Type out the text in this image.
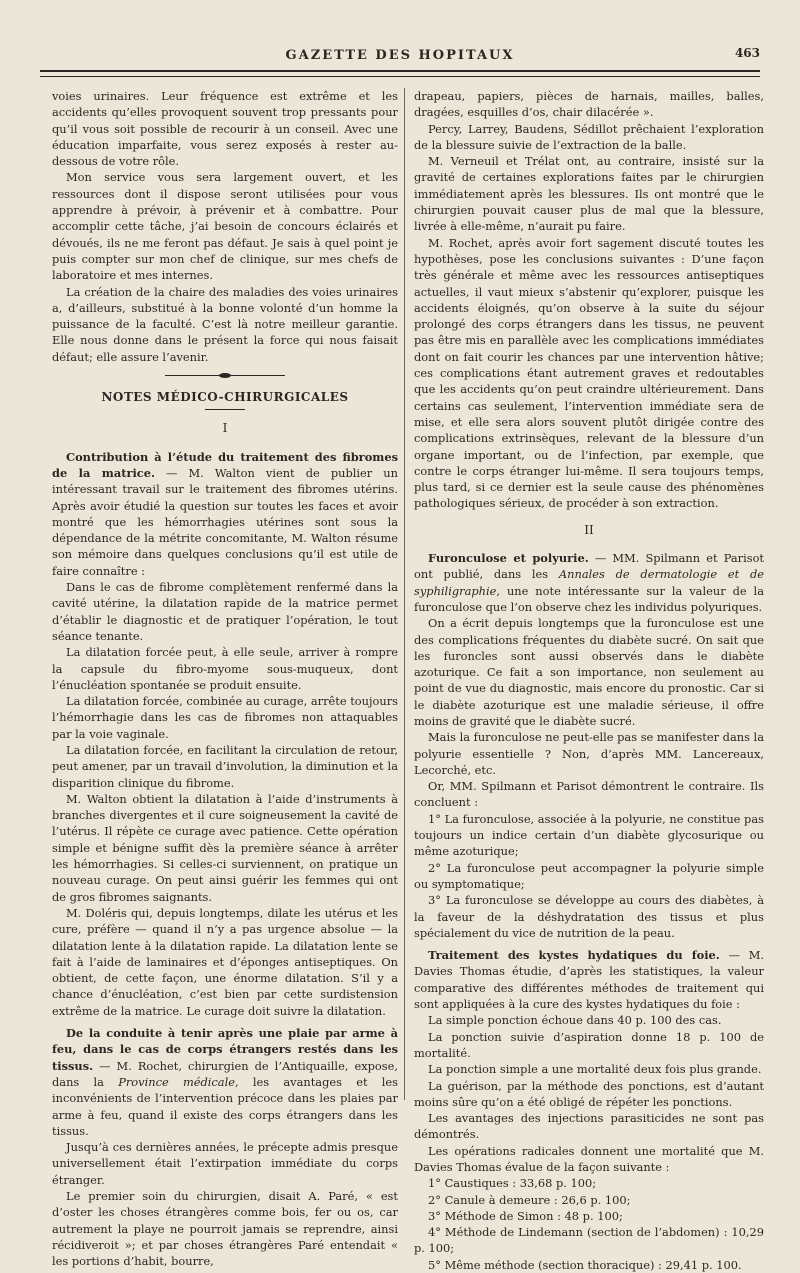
GAZETTE DES HOPITAUX	463

voies urinaires. Leur fréquence est extrême et les accidents qu’elles provoquent souvent trop pressants pour qu’il vous soit possible de recourir à un conseil. Avec une éducation imparfaite, vous serez exposés à rester au-dessous de votre rôle.

Mon service vous sera largement ouvert, et les ressources dont il dispose seront utilisées pour vous apprendre à prévoir, à prévenir et à combattre. Pour accomplir cette tâche, j’ai besoin de concours éclairés et dévoués, ils ne me feront pas défaut. Je sais à quel point je puis compter sur mon chef de clinique, sur mes chefs de laboratoire et mes internes.

La création de la chaire des maladies des voies urinaires a, d’ailleurs, substitué à la bonne volonté d’un homme la puissance de la faculté. C’est là notre meilleur garantie. Elle nous donne dans le présent la force qui nous faisait défaut; elle assure l’avenir.

NOTES MÉDICO-CHIRURGICALES
I

Contribution à l’étude du traitement des fibromes de la matrice. — M. Walton vient de publier un intéressant travail sur le traitement des fibromes utérins. Après avoir étudié la question sur toutes les faces et avoir montré que les hémorrhagies utérines sont sous la dépendance de la métrite concomitante, M. Walton résume son mémoire dans quelques conclusions qu’il est utile de faire connaître :

Dans le cas de fibrome complètement renfermé dans la cavité utérine, la dilatation rapide de la matrice permet d’établir le diagnostic et de pratiquer l’opération, le tout séance tenante.

La dilatation forcée peut, à elle seule, arriver à rompre la capsule du fibro-myome sous-muqueux, dont l’énucléation spontanée se produit ensuite.

La dilatation forcée, combinée au curage, arrête toujours l’hémorrhagie dans les cas de fibromes non attaquables par la voie vaginale.

La dilatation forcée, en facilitant la circulation de retour, peut amener, par un travail d’involution, la diminution et la disparition clinique du fibrome.

M. Walton obtient la dilatation à l’aide d’instruments à branches divergentes et il cure soigneusement la cavité de l’utérus. Il répète ce curage avec patience. Cette opération simple et bénigne suffit dès la première séance à arrêter les hémorrhagies. Si celles-ci surviennent, on pratique un nouveau curage. On peut ainsi guérir les femmes qui ont de gros fibromes saignants.

M. Doléris qui, depuis longtemps, dilate les utérus et les cure, préfère — quand il n’y a pas urgence absolue — la dilatation lente à la dilatation rapide. La dilatation lente se fait à l’aide de laminaires et d’éponges antiseptiques. On obtient, de cette façon, une énorme dilatation. S’il y a chance d’énucléation, c’est bien par cette surdistension extrême de la matrice. Le curage doit suivre la dilatation.

De la conduite à tenir après une plaie par arme à feu, dans le cas de corps étrangers restés dans les tissus. — M. Rochet, chirurgien de l’Antiquaille, expose, dans la Province médicale, les avantages et les inconvénients de l’intervention précoce dans les plaies par arme à feu, quand il existe des corps étrangers dans les tissus.

Jusqu’à ces dernières années, le précepte admis presque universellement était l’extirpation immédiate du corps étranger.

Le premier soin du chirurgien, disait A. Paré, « est d’oster les choses étrangères comme bois, fer ou os, car autrement la playe ne pourroit jamais se reprendre, ainsi récidiveroit »; et par choses étrangères Paré entendait « les portions d’habit, bourre,

drapeau, papiers, pièces de harnais, mailles, balles, dragées, esquilles d’os, chair dilacérée ».

Percy, Larrey, Baudens, Sédillot prêchaient l’exploration de la blessure suivie de l’extraction de la balle.

M. Verneuil et Trélat ont, au contraire, insisté sur la gravité de certaines explorations faites par le chirurgien immédiatement après les blessures. Ils ont montré que le chirurgien pouvait causer plus de mal que la blessure, livrée à elle-même, n’aurait pu faire.

M. Rochet, après avoir fort sagement discuté toutes les hypothèses, pose les conclusions suivantes : D’une façon très générale et même avec les ressources antiseptiques actuelles, il vaut mieux s’abstenir qu’explorer, puisque les accidents éloignés, qu’on observe à la suite du séjour prolongé des corps étrangers dans les tissus, ne peuvent pas être mis en parallèle avec les complications immédiates dont on fait courir les chances par une intervention hâtive; ces complications étant autrement graves et redoutables que les accidents qu’on peut craindre ultérieurement. Dans certains cas seulement, l’intervention immédiate sera de mise, et elle sera alors souvent plutôt dirigée contre des complications extrinsèques, relevant de la blessure d’un organe important, ou de l’infection, par exemple, que contre le corps étranger lui-même. Il sera toujours temps, plus tard, si ce dernier est la seule cause des phénomènes pathologiques sérieux, de procéder à son extraction.

II

Furonculose et polyurie. — MM. Spilmann et Parisot ont publié, dans les Annales de dermatologie et de syphiligraphie, une note intéressante sur la valeur de la furonculose que l’on observe chez les individus polyuriques.

On a écrit depuis longtemps que la furonculose est une des complications fréquentes du diabète sucré. On sait que les furoncles sont aussi observés dans le diabète azoturique. Ce fait a son importance, non seulement au point de vue du diagnostic, mais encore du pronostic. Car si le diabète azoturique est une maladie sérieuse, il offre moins de gravité que le diabète sucré.

Mais la furonculose ne peut-elle pas se manifester dans la polyurie essentielle ? Non, d’après MM. Lancereaux, Lecorché, etc.

Or, MM. Spilmann et Parisot démontrent le contraire. Ils concluent :

1° La furonculose, associée à la polyurie, ne constitue pas toujours un indice certain d’un diabète glycosurique ou même azoturique;

2° La furonculose peut accompagner la polyurie simple ou symptomatique;

3° La furonculose se développe au cours des diabètes, à la faveur de la déshydratation des tissus et plus spécialement du vice de nutrition de la peau.

Traitement des kystes hydatiques du foie. — M. Davies Thomas étudie, d’après les statistiques, la valeur comparative des différentes méthodes de traitement qui sont appliquées à la cure des kystes hydatiques du foie :

La simple ponction échoue dans 40 p. 100 des cas.

La ponction suivie d’aspiration donne 18 p. 100 de mortalité.

La ponction simple a une mortalité deux fois plus grande.

La guérison, par la méthode des ponctions, est d’autant moins sûre qu’on a été obligé de répéter les ponctions.

Les avantages des injections parasiticides ne sont pas démontrés.

Les opérations radicales donnent une mortalité que M. Davies Thomas évalue de la façon suivante :

1° Caustiques : 33,68 p. 100;

2° Canule à demeure : 26,6 p. 100;

3° Méthode de Simon : 48 p. 100;

4° Méthode de Lindemann (section de l’abdomen) : 10,29 p. 100;

5° Même méthode (section thoracique) : 29,41 p. 100.
